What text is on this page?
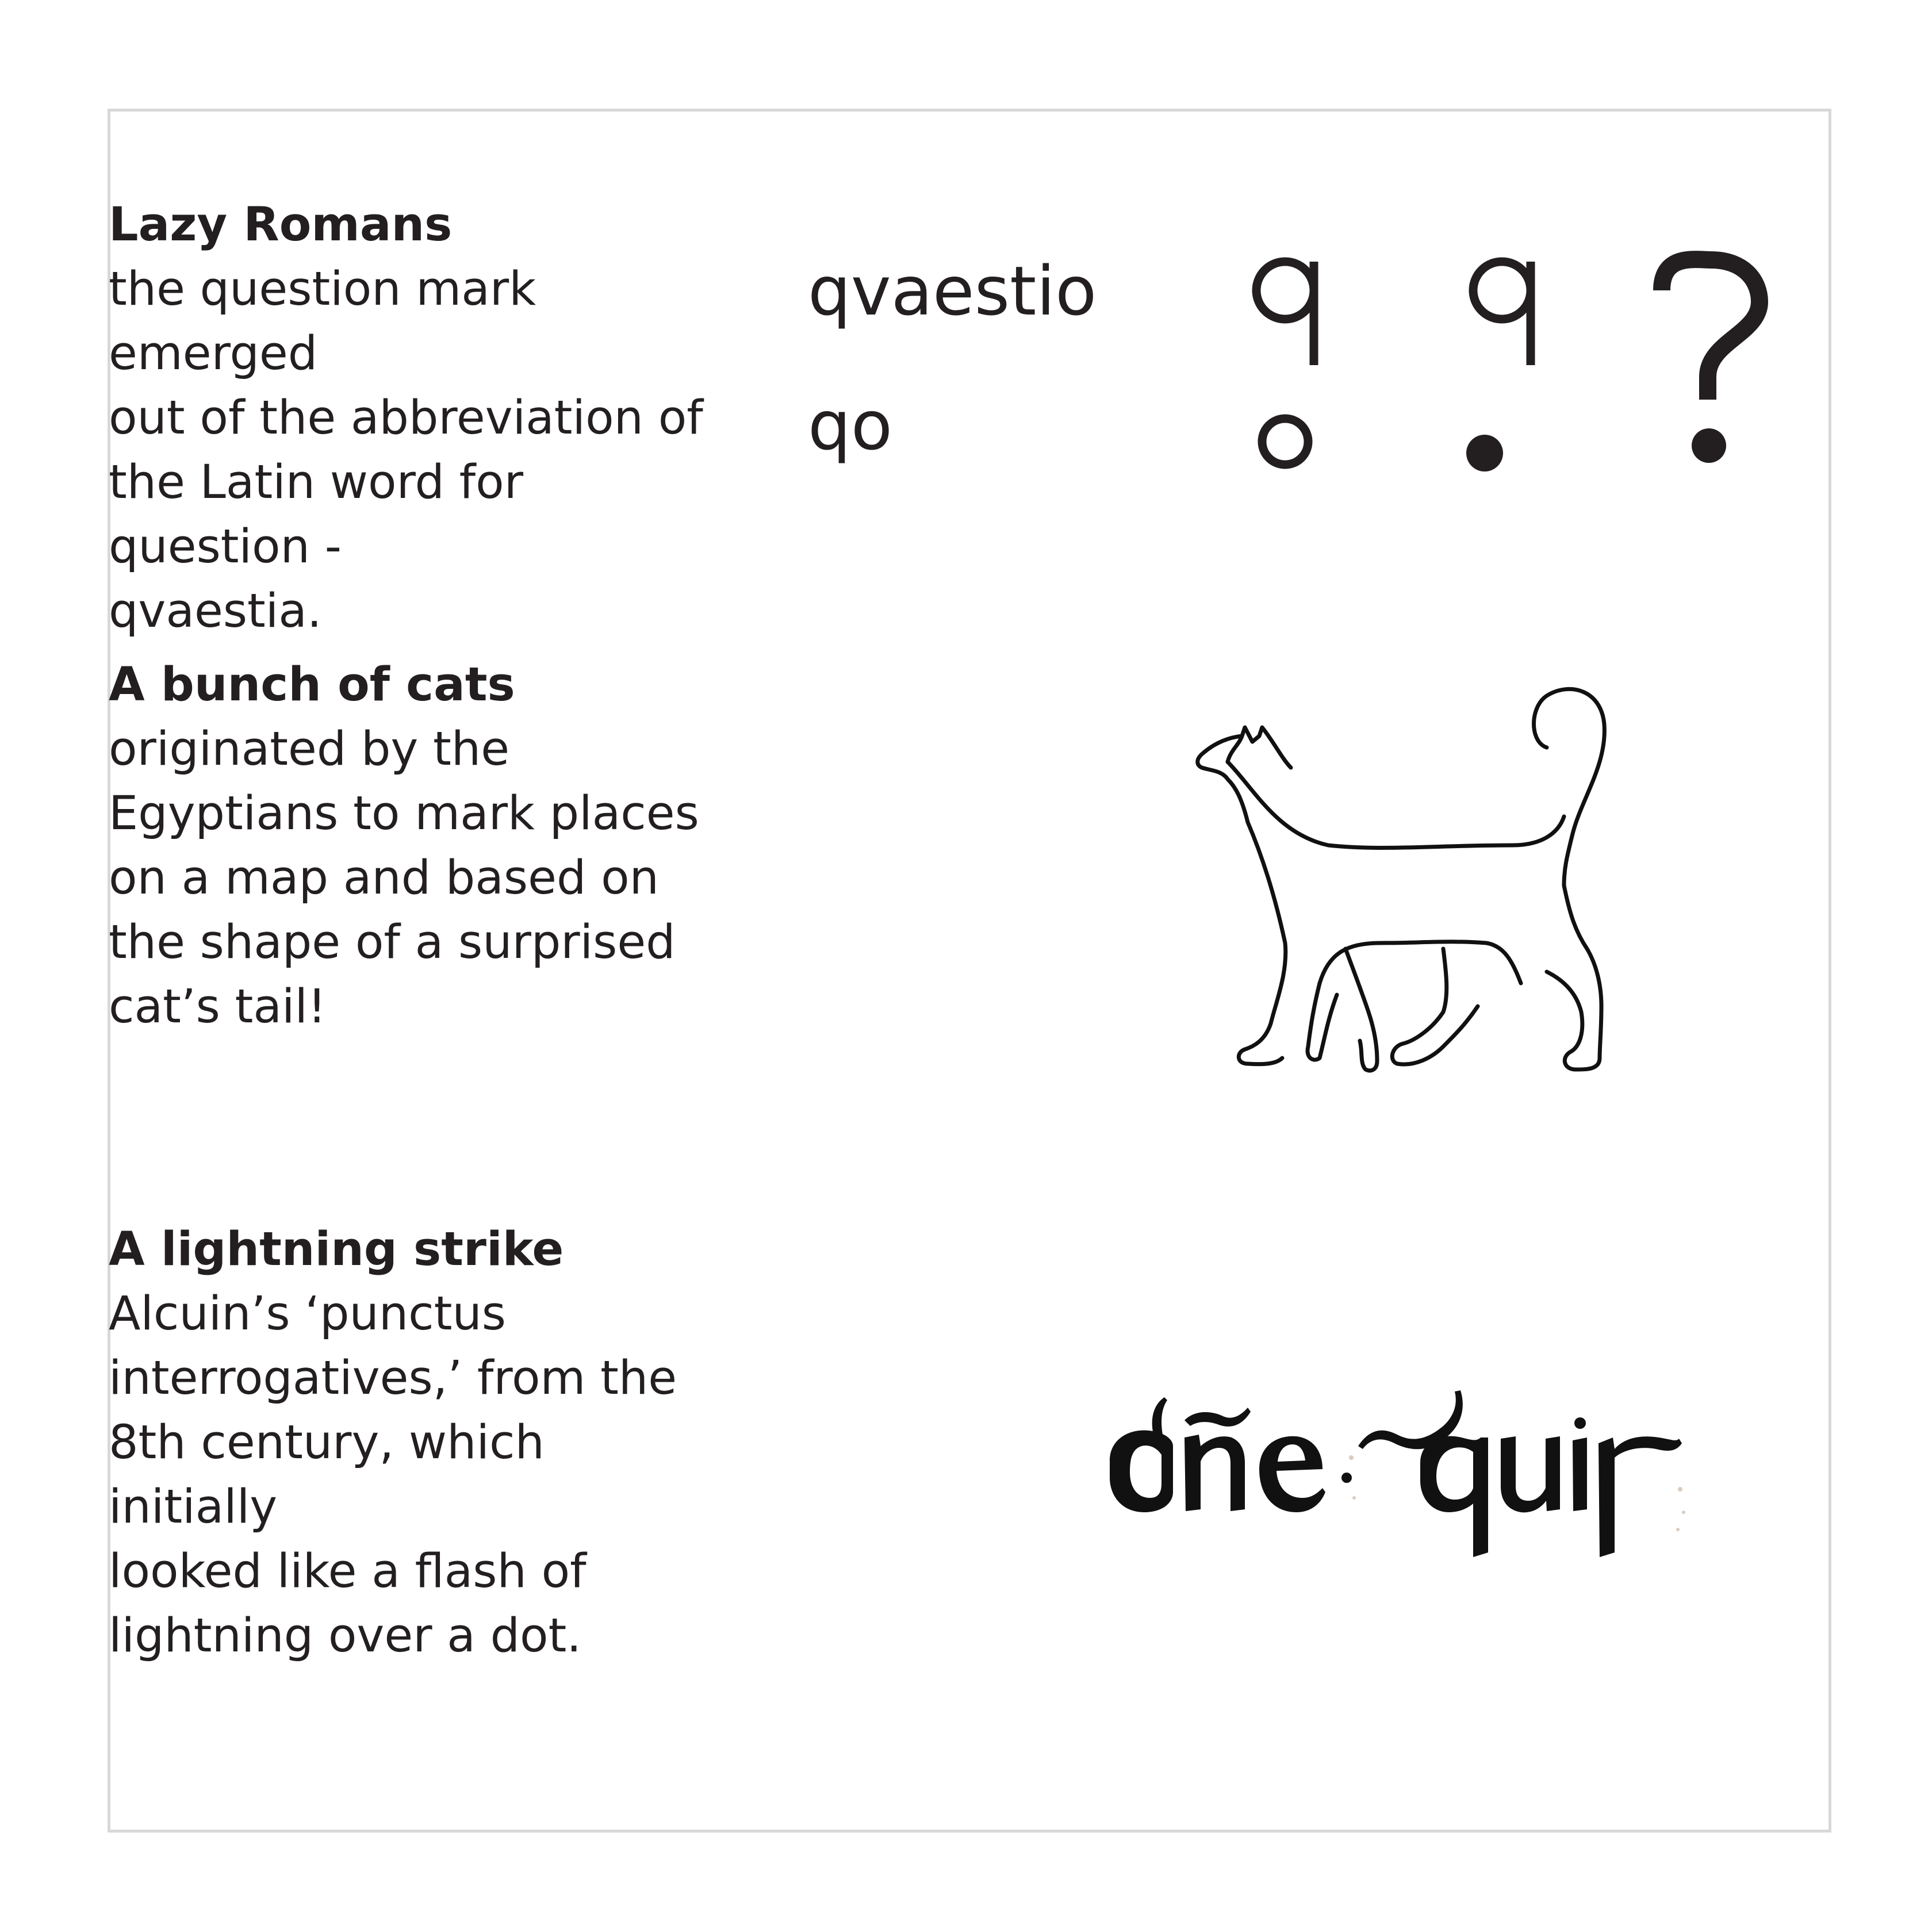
Lazy Romans

the question mark emerged
out of the abbreviation of
the Latin word for question -
qvaestia.

qvaestio
qo
?
A bunch of cats

originated by the
Egyptians to mark places
on a map and based on
the shape of a surprised
cat’s tail!

A lightning strike

Alcuin’s ‘punctus
interrogatives,’ from the
8th century, which initially
looked like a flash of
lightning over a dot.

dñe· quir
